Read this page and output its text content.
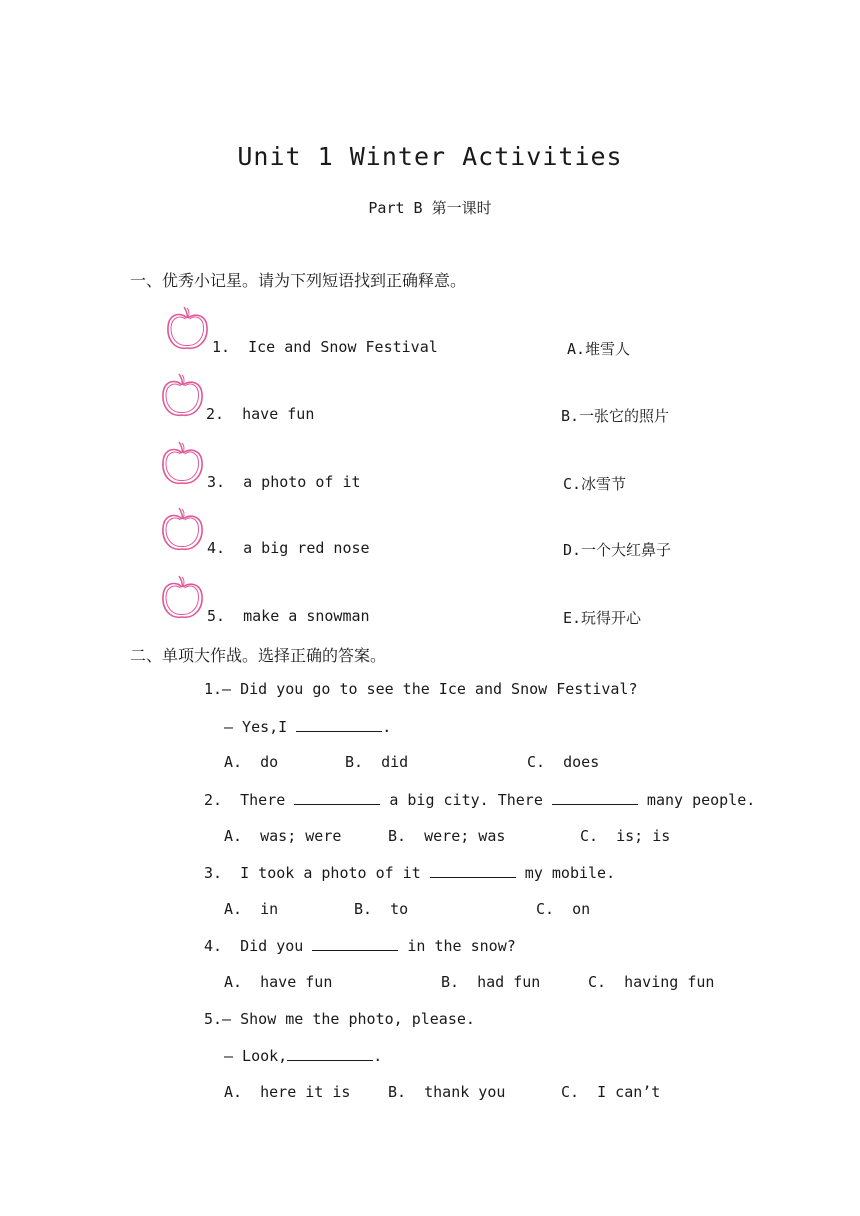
Unit 1 Winter Activities
Part B 第一课时
一、优秀小记星。请为下列短语找到正确释意。
1.  Ice and Snow Festival	A.堆雪人
2.  have fun	B.一张它的照片
3.  a photo of it	C.冰雪节
4.  a big red nose	D.一个大红鼻子
5.  make a snowman	E.玩得开心
二、单项大作战。选择正确的答案。
1.— Did you go to see the Ice and Snow Festival?
— Yes,I	.
A.  do	B.  did	C.  does
2.  There	a big city. There	many people.
A.  was; were	B.  were; was	C.  is; is
3.  I took a photo of it	my mobile.
A.  in	B.  to	C.  on
4.  Did you	in the snow?
A.  have fun	B.  had fun	C.  having fun
5.— Show me the photo, please.
— Look,	.
A.  here it is	B.  thank you	C.  I can’t
